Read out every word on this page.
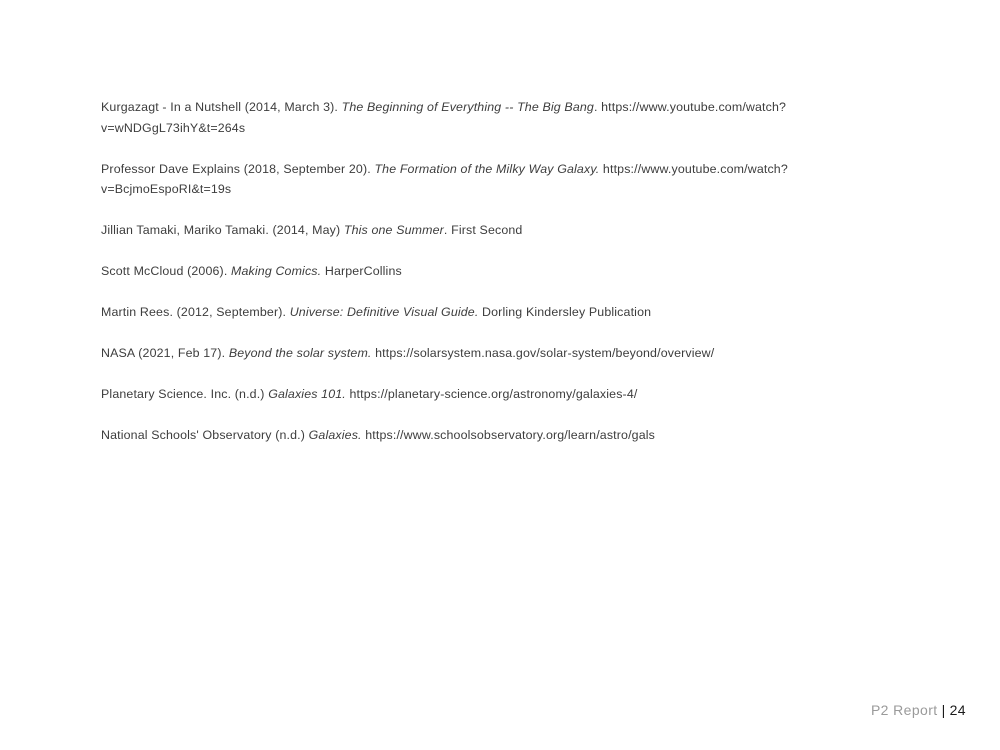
Kurgazagt - In a Nutshell (2014, March 3). The Beginning of Everything -- The Big Bang. https://www.youtube.com/watch?v=wNDGgL73ihY&t=264s
Professor Dave Explains (2018, September 20). The Formation of the Milky Way Galaxy. https://www.youtube.com/watch?v=BcjmoEspoRI&t=19s
Jillian Tamaki, Mariko Tamaki. (2014, May) This one Summer. First Second
Scott McCloud (2006). Making Comics. HarperCollins
Martin Rees. (2012, September). Universe: Definitive Visual Guide. Dorling Kindersley Publication
NASA (2021, Feb 17). Beyond the solar system. https://solarsystem.nasa.gov/solar-system/beyond/overview/
Planetary Science. Inc. (n.d.) Galaxies 101. https://planetary-science.org/astronomy/galaxies-4/
National Schools' Observatory (n.d.) Galaxies. https://www.schoolsobservatory.org/learn/astro/gals
P2 Report | 24
